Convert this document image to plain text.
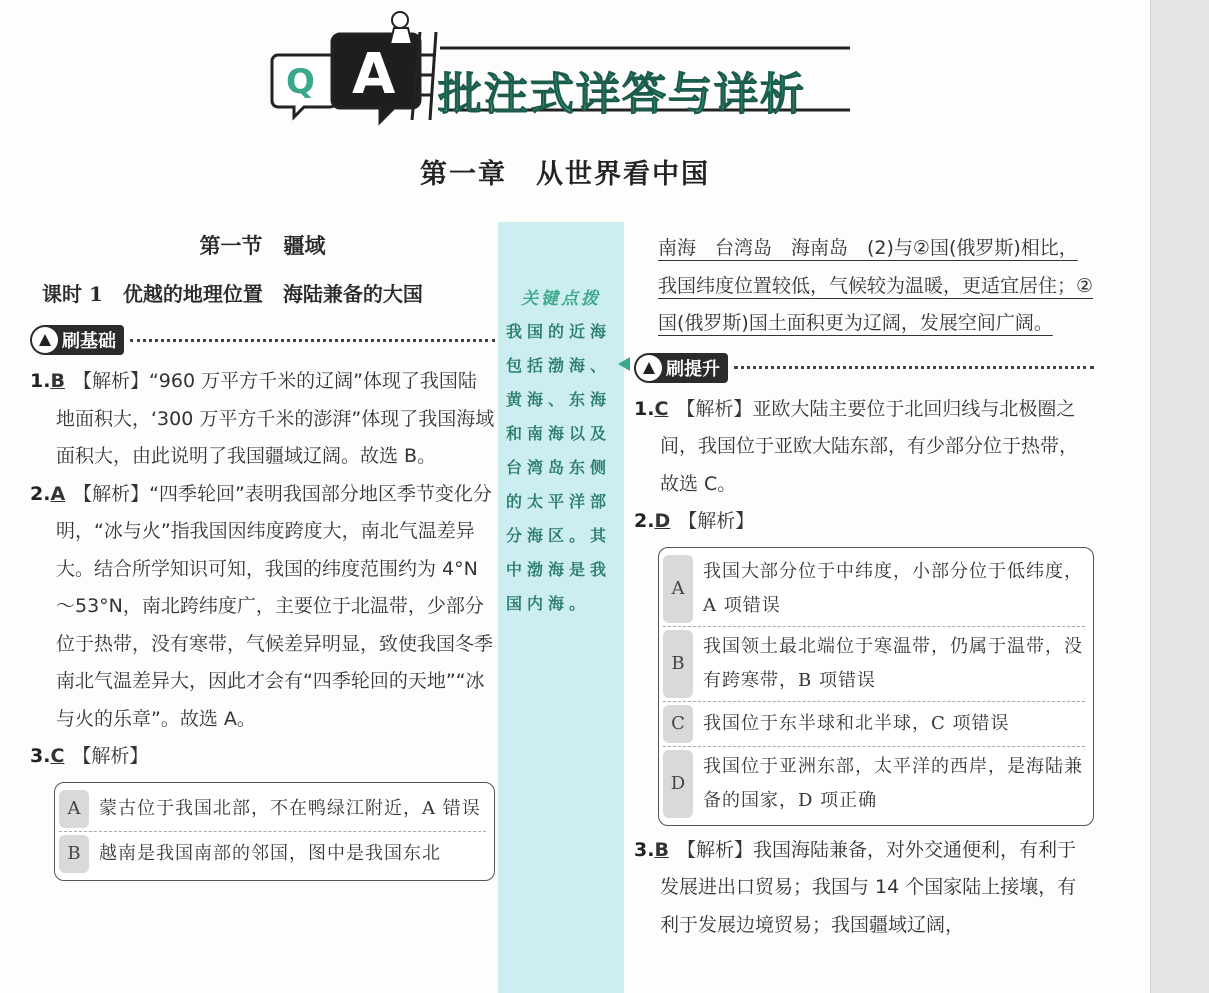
Q A 批注式详答与详析
第一章　从世界看中国
第一节　疆域
课时 1　优越的地理位置　海陆兼备的大国
刷基础
1.B 【解析】“960 万平方千米的辽阔”体现了我国陆地面积大，‘300 万平方千米的澎湃”体现了我国海域面积大，由此说明了我国疆域辽阔。故选 B。
2.A 【解析】“四季轮回”表明我国部分地区季节变化分明，“冰与火”指我国因纬度跨度大，南北气温差异大。结合所学知识可知，我国的纬度范围约为 4°N～53°N，南北跨纬度广，主要位于北温带，少部分位于热带，没有寒带，气候差异明显，致使我国冬季南北气温差异大，因此才会有“四季轮回的天地”“冰与火的乐章”。故选 A。
3.C 【解析】
A	蒙古位于我国北部，不在鸭绿江附近，A 错误
B	越南是我国南部的邻国，图中是我国东北
关键点拨
我国的近海包括渤海、黄海、东海和南海以及台湾岛东侧的太平洋部分海区。其中渤海是我国内海。
南海　台湾岛　海南岛　(2)与②国(俄罗斯)相比，我国纬度位置较低，气候较为温暖，更适宜居住；②国(俄罗斯)国土面积更为辽阔，发展空间广阔。
刷提升
1.C 【解析】亚欧大陆主要位于北回归线与北极圈之间，我国位于亚欧大陆东部，有少部分位于热带，故选 C。
2.D 【解析】
A
我国大部分位于中纬度，小部分位于低纬度，A 项错误
B
我国领土最北端位于寒温带，仍属于温带，没有跨寒带，B 项错误
C	我国位于东半球和北半球，C 项错误
D
我国位于亚洲东部，太平洋的西岸，是海陆兼备的国家，D 项正确
3.B 【解析】我国海陆兼备，对外交通便利，有利于发展进出口贸易；我国与 14 个国家陆上接壤，有利于发展边境贸易；我国疆域辽阔，
